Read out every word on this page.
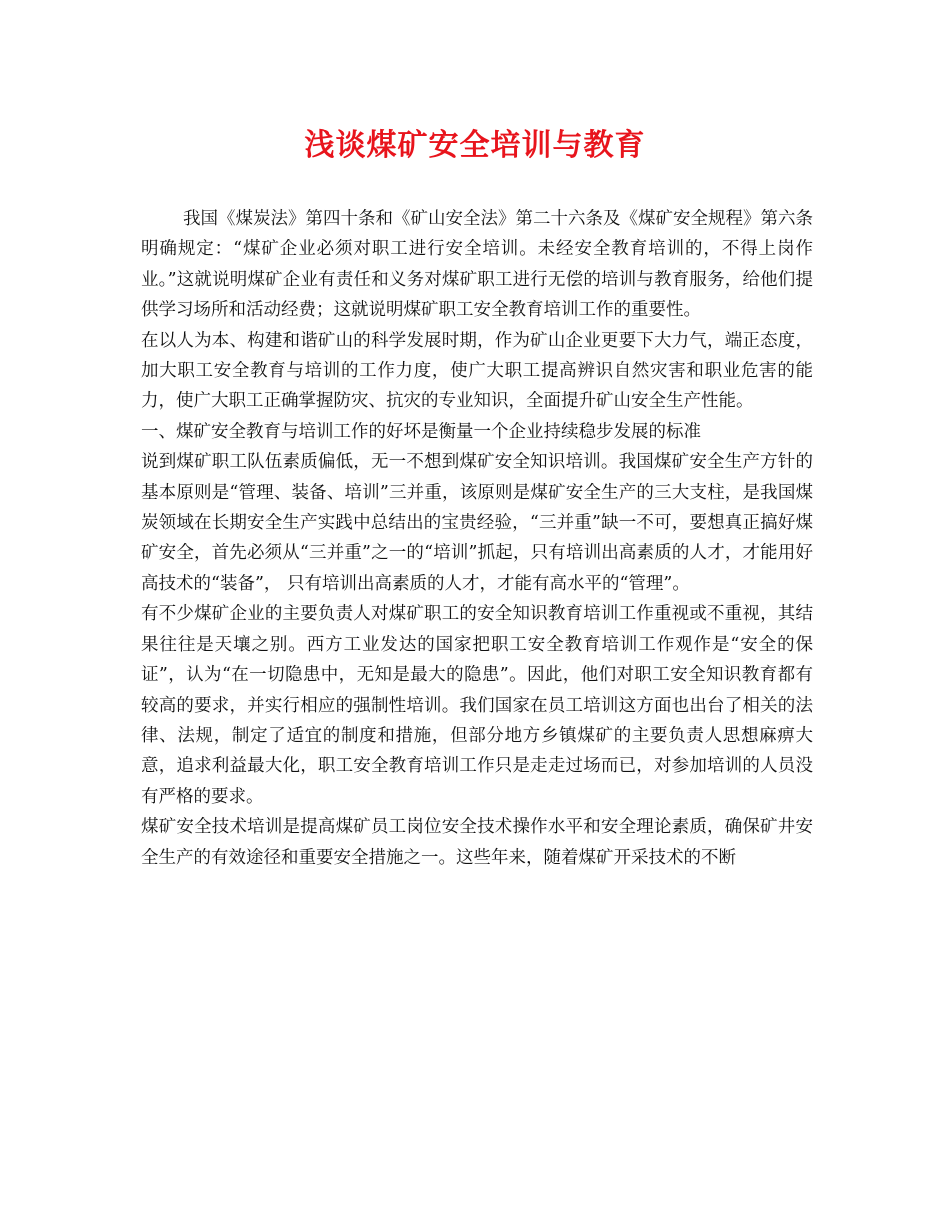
浅谈煤矿安全培训与教育

我国《煤炭法》第四十条和《矿山安全法》第二十六条及《煤矿安全规程》第六条明确规定：“煤矿企业必须对职工进行安全培训。未经安全教育培训的，不得上岗作业。”这就说明煤矿企业有责任和义务对煤矿职工进行无偿的培训与教育服务，给他们提供学习场所和活动经费；这就说明煤矿职工安全教育培训工作的重要性。

在以人为本、构建和谐矿山的科学发展时期，作为矿山企业更要下大力气，端正态度，加大职工安全教育与培训的工作力度，使广大职工提高辨识自然灾害和职业危害的能力，使广大职工正确掌握防灾、抗灾的专业知识，全面提升矿山安全生产性能。

一、煤矿安全教育与培训工作的好坏是衡量一个企业持续稳步发展的标准

说到煤矿职工队伍素质偏低，无一不想到煤矿安全知识培训。我国煤矿安全生产方针的基本原则是“管理、装备、培训”三并重，该原则是煤矿安全生产的三大支柱，是我国煤炭领域在长期安全生产实践中总结出的宝贵经验，“三并重”缺一不可，要想真正搞好煤矿安全，首先必须从“三并重”之一的“培训”抓起，只有培训出高素质的人才，才能用好高技术的“装备”， 只有培训出高素质的人才，才能有高水平的“管理”。

有不少煤矿企业的主要负责人对煤矿职工的安全知识教育培训工作重视或不重视，其结果往往是天壤之别。西方工业发达的国家把职工安全教育培训工作观作是“安全的保证”，认为“在一切隐患中，无知是最大的隐患”。因此，他们对职工安全知识教育都有较高的要求，并实行相应的强制性培训。我们国家在员工培训这方面也出台了相关的法律、法规，制定了适宜的制度和措施，但部分地方乡镇煤矿的主要负责人思想麻痹大意，追求利益最大化，职工安全教育培训工作只是走走过场而已，对参加培训的人员没有严格的要求。

煤矿安全技术培训是提高煤矿员工岗位安全技术操作水平和安全理论素质，确保矿井安全生产的有效途径和重要安全措施之一。这些年来，随着煤矿开采技术的不断
